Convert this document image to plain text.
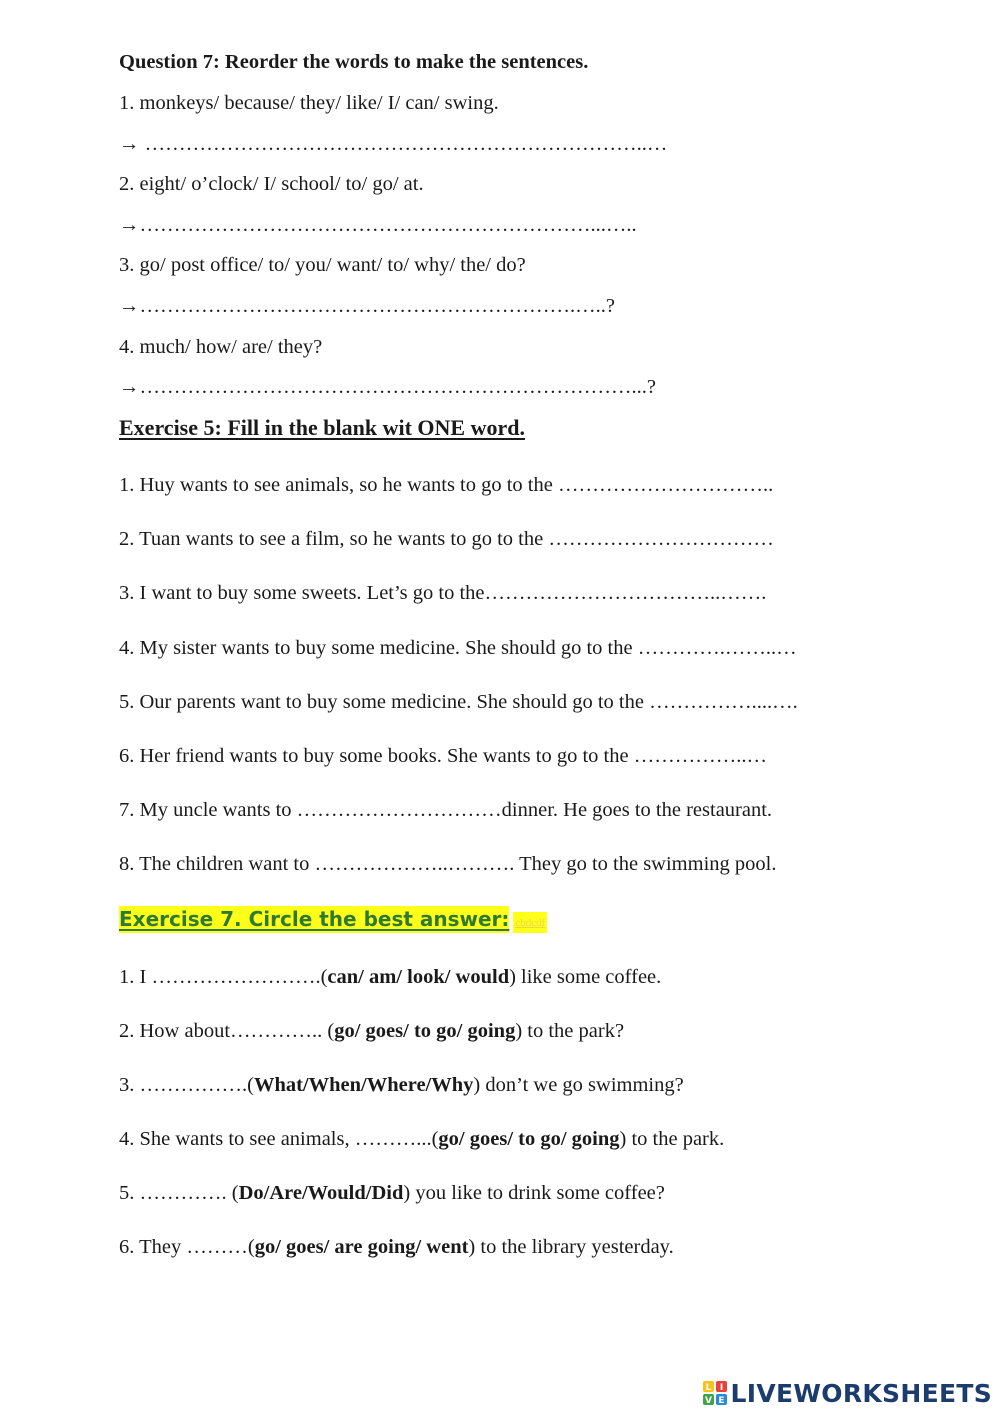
Question 7: Reorder the words to make the sentences.
1. monkeys/ because/ they/ like/ I/ can/ swing.
→ ………………………………………………………………..…
2. eight/ o’clock/ I/ school/ to/ go/ at.
→…………………………………………………………...…..
3. go/ post office/ to/ you/ want/ to/ why/ the/ do?
→……………………………………………………….…..?
4. much/ how/ are/ they?
→………………………………………………………………...?
Exercise 5: Fill in the blank wit ONE word.
1. Huy wants to see animals, so he wants to go to the …………………………..
2. Tuan wants to see a film, so he wants to go to the ……………………………
3. I want to buy some sweets. Let’s go to the……………………………..…….
4. My sister wants to buy some medicine. She should go to the ………….……..…
5. Our parents want to buy some medicine. She should go to the ……………....….
6. Her friend wants to buy some books. She wants to go to the ……………..…
7. My uncle wants to …………………………dinner. He goes to the restaurant.
8. The children want to ………………..………. They go to the swimming pool.
Exercise 7. Circle the best answer: cbdcdf
1. I …………………….(can/ am/ look/ would) like some coffee.
2. How about………….. (go/ goes/ to go/ going) to the park?
3. …………….(What/When/Where/Why) don’t we go swimming?
4. She wants to see animals, ………...(go/ goes/ to go/ going) to the park.
5. …………. (Do/Are/Would/Did) you like to drink some coffee?
6. They ………(go/ goes/ are going/ went) to the library yesterday.
L I
V E LIVEWORKSHEETS
